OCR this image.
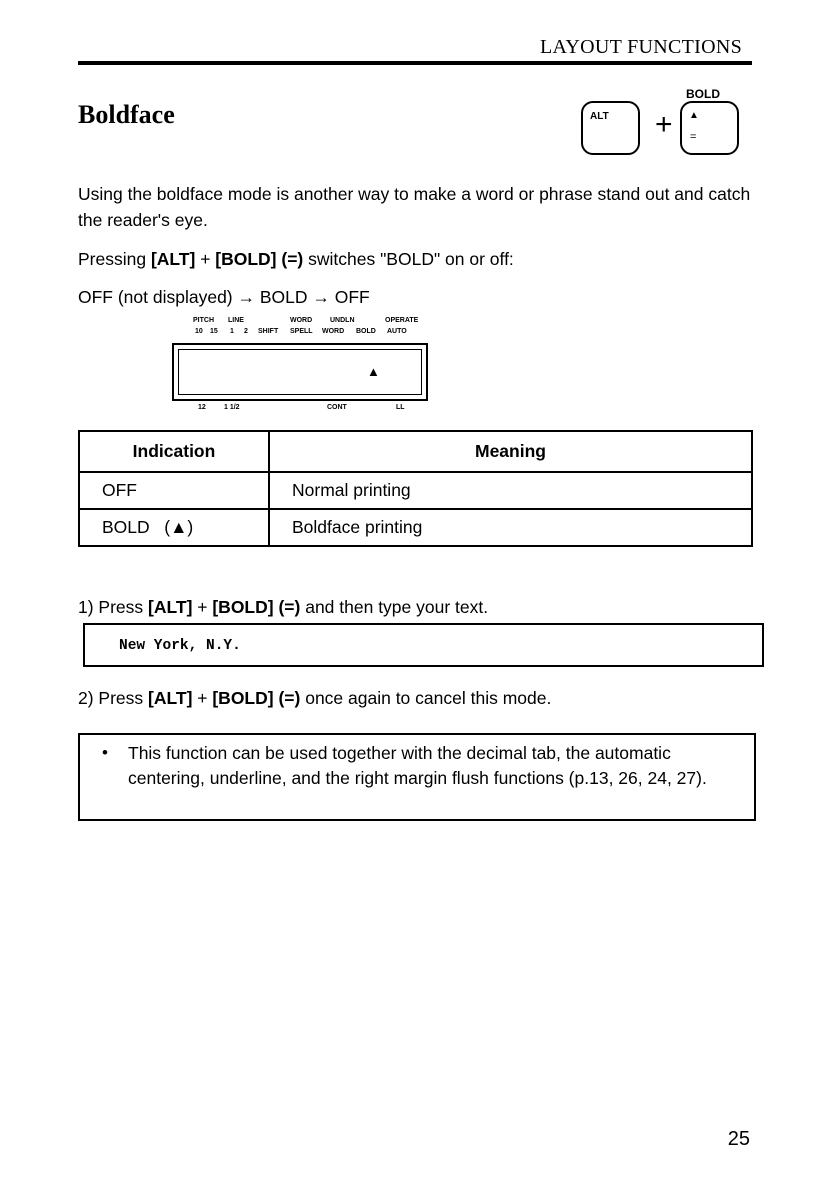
LAYOUT FUNCTIONS
Boldface
BOLD
ALT + ▲
=
Using the boldface mode is another way to make a word or phrase stand out and catch the reader's eye.
Pressing [ALT] + [BOLD] (=) switches "BOLD" on or off:
OFF (not displayed) → BOLD → OFF
PITCH LINE	WORD	UNDLN	OPERATE
10 15 1 2 SHIFT SPELL WORD BOLD AUTO
▲
12	1 1/2	CONT	LL
Indication	Meaning
OFF	Normal printing
BOLD   (▲)	Boldface printing
1) Press [ALT] + [BOLD] (=) and then type your text.
New York, N.Y.
2) Press [ALT] + [BOLD] (=) once again to cancel this mode.
• This function can be used together with the decimal tab, the automatic centering, underline, and the right margin flush functions (p.13, 26, 24, 27).
25
